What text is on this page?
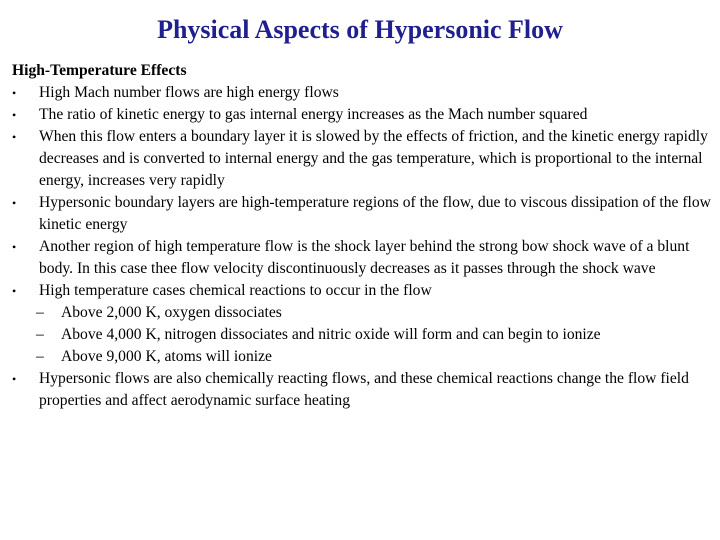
Physical Aspects of Hypersonic Flow

High-Temperature Effects

•	High Mach number flows are high energy flows
•	The ratio of kinetic energy to gas internal energy increases as the Mach number squared
•	When this flow enters a boundary layer it is slowed by the effects of friction, and the kinetic energy rapidly decreases and is converted to internal energy and the gas temperature, which is proportional to the internal energy, increases very rapidly
•	Hypersonic boundary layers are high-temperature regions of the flow, due to viscous dissipation of the flow kinetic energy
•	Another region of high temperature flow is the shock layer behind the strong bow shock wave of a blunt body. In this case thee flow velocity discontinuously decreases as it passes through the shock wave
•	High temperature cases chemical reactions to occur in the flow
– Above 2,000 K, oxygen dissociates
– Above 4,000 K, nitrogen dissociates and nitric oxide will form and can begin to ionize
– Above 9,000 K, atoms will ionize
•	Hypersonic flows are also chemically reacting flows, and these chemical reactions change the flow field properties and affect aerodynamic surface heating
